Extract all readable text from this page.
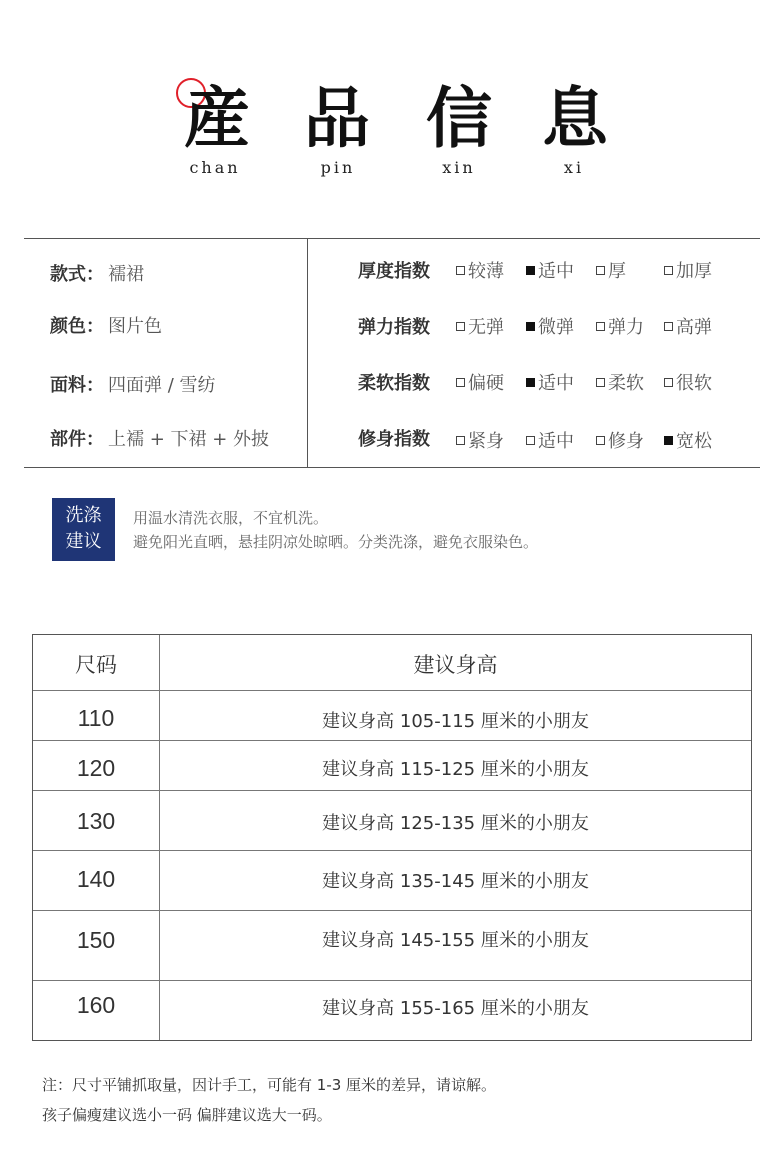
産 品 信 息
chan	pin	xin	xi
款式： 襦裙
颜色： 图片色
面料： 四面弹 / 雪纺
部件： 上襦 + 下裙 + 外披
厚度指数 较薄 适中 厚	加厚
弹力指数 无弹 微弹 弹力 高弹
柔软指数 偏硬 适中 柔软 很软
修身指数 紧身 适中 修身 宽松
洗涤
建议
用温水清洗衣服，不宜机洗。
避免阳光直晒，悬挂阴凉处晾晒。分类洗涤，避免衣服染色。
尺码	建议身高
110	建议身高 105-115 厘米的小朋友
120	建议身高 115-125 厘米的小朋友
130	建议身高 125-135 厘米的小朋友
140	建议身高 135-145 厘米的小朋友
150	建议身高 145-155 厘米的小朋友
160	建议身高 155-165 厘米的小朋友
注：尺寸平铺抓取量，因计手工，可能有 1-3 厘米的差异，请谅解。
孩子偏瘦建议选小一码 偏胖建议选大一码。
